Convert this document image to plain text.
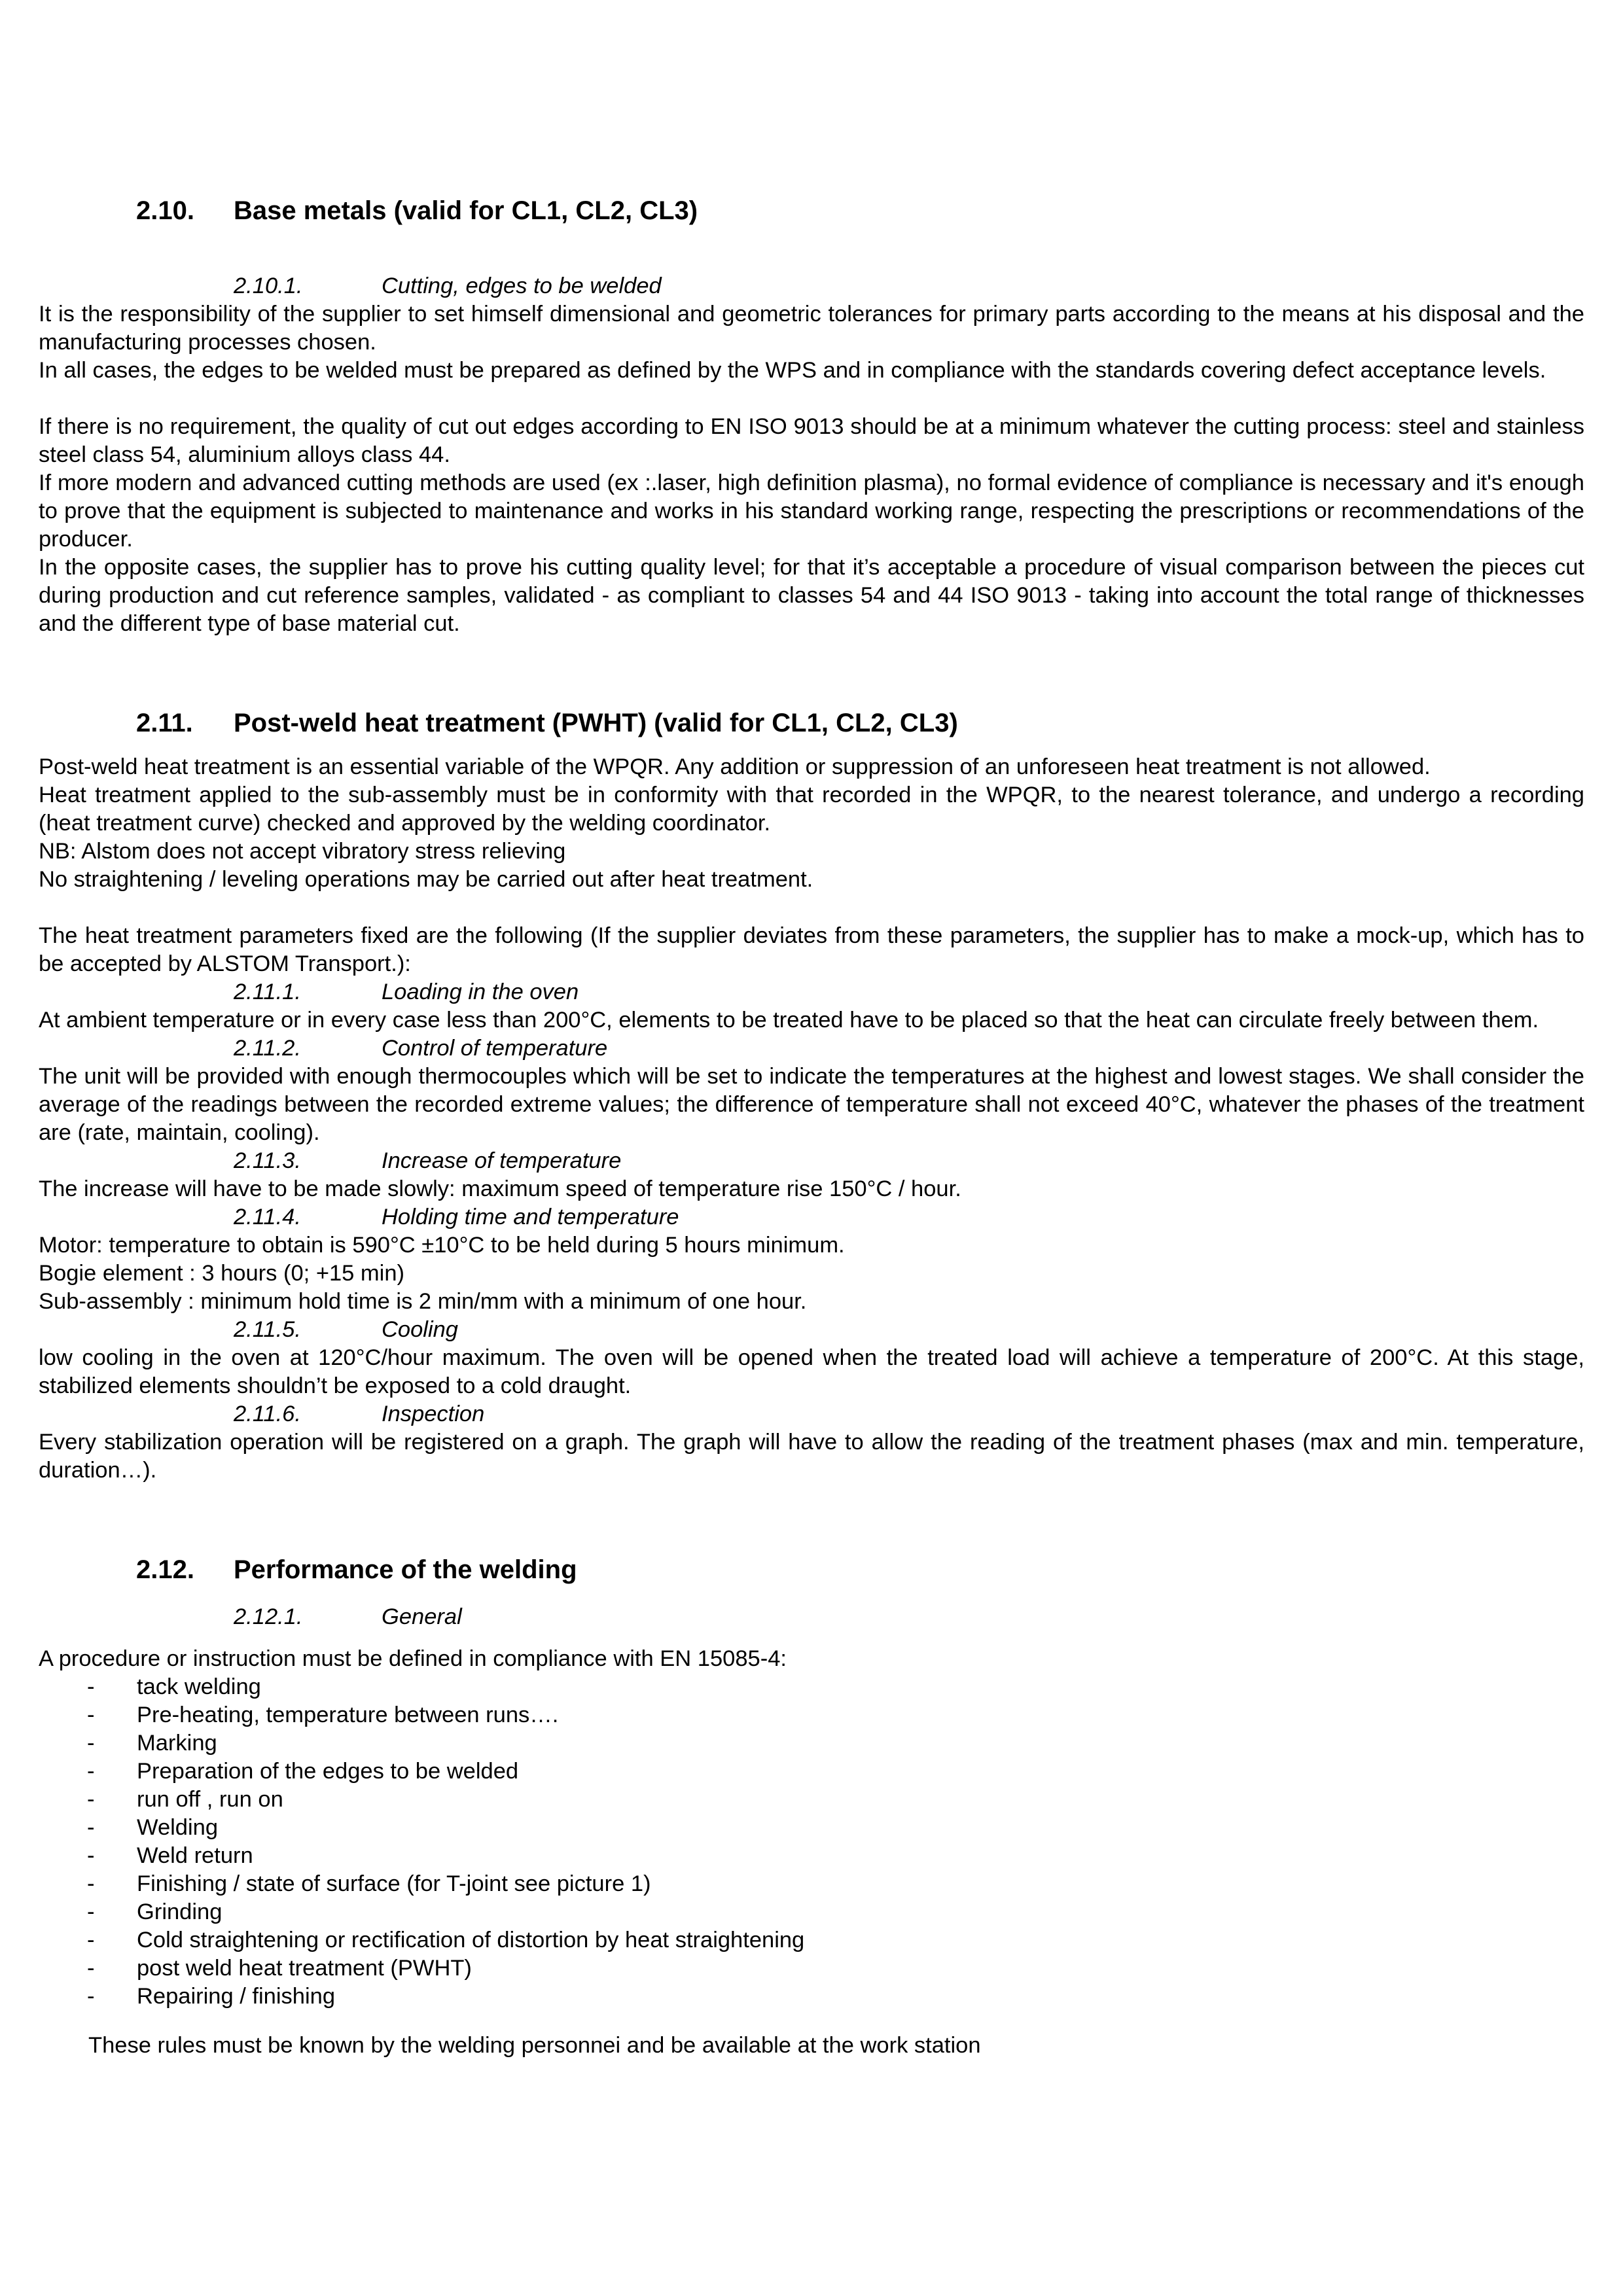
2.10. Base metals (valid for CL1, CL2, CL3)
2.10.1.	Cutting, edges to be welded

It is the responsibility of the supplier to set himself dimensional and geometric tolerances for primary parts according to the means at his disposal and the manufacturing processes chosen.

In all cases, the edges to be welded must be prepared as defined by the WPS and in compliance with the standards covering defect acceptance levels.

If there is no requirement, the quality of cut out edges according to EN ISO 9013 should be at a minimum whatever the cutting process: steel and stainless steel class 54, aluminium alloys class 44.

If more modern and advanced cutting methods are used (ex :.laser, high definition plasma), no formal evidence of compliance is necessary and it's enough to prove that the equipment is subjected to maintenance and works in his standard working range, respecting the prescriptions or recommendations of the producer.

In the opposite cases, the supplier has to prove his cutting quality level; for that it’s acceptable a procedure of visual comparison between the pieces cut during production and cut reference samples, validated - as compliant to classes 54 and 44 ISO 9013 - taking into account the total range of thicknesses and the different type of base material cut.

2.11. Post-weld heat treatment (PWHT) (valid for CL1, CL2, CL3)

Post-weld heat treatment is an essential variable of the WPQR. Any addition or suppression of an unforeseen heat treatment is not allowed.

Heat treatment applied to the sub-assembly must be in conformity with that recorded in the WPQR, to the nearest tolerance, and undergo a recording (heat treatment curve) checked and approved by the welding coordinator.

NB: Alstom does not accept vibratory stress relieving

No straightening / leveling operations may be carried out after heat treatment.

The heat treatment parameters fixed are the following (If the supplier deviates from these parameters, the supplier has to make a mock-up, which has to be accepted by ALSTOM Transport.):

2.11.1.	Loading in the oven

At ambient temperature or in every case less than 200°C, elements to be treated have to be placed so that the heat can circulate freely between them.

2.11.2.	Control of temperature

The unit will be provided with enough thermocouples which will be set to indicate the temperatures at the highest and lowest stages. We shall consider the average of the readings between the recorded extreme values; the difference of temperature shall not exceed 40°C, whatever the phases of the treatment are (rate, maintain, cooling).

2.11.3.	Increase of temperature

The increase will have to be made slowly: maximum speed of temperature rise 150°C / hour.

2.11.4.	Holding time and temperature

Motor: temperature to obtain is 590°C ±10°C to be held during 5 hours minimum.

Bogie element : 3 hours (0; +15 min)

Sub-assembly : minimum hold time is 2 min/mm with a minimum of one hour.

2.11.5.	Cooling

low cooling in the oven at 120°C/hour maximum. The oven will be opened when the treated load will achieve a temperature of 200°C. At this stage, stabilized elements shouldn’t be exposed to a cold draught.

2.11.6.	Inspection

Every stabilization operation will be registered on a graph. The graph will have to allow the reading of the treatment phases (max and min. temperature, duration…).

2.12. Performance of the welding
2.12.1.	General

A procedure or instruction must be defined in compliance with EN 15085-4:

- tack welding
- Pre-heating, temperature between runs….
- Marking
- Preparation of the edges to be welded
- run off , run on
- Welding
- Weld return
- Finishing / state of surface (for T-joint see picture 1)
- Grinding
- Cold straightening or rectification of distortion by heat straightening
- post weld heat treatment (PWHT)
- Repairing / finishing

These rules must be known by the welding personnei and be available at the work station
